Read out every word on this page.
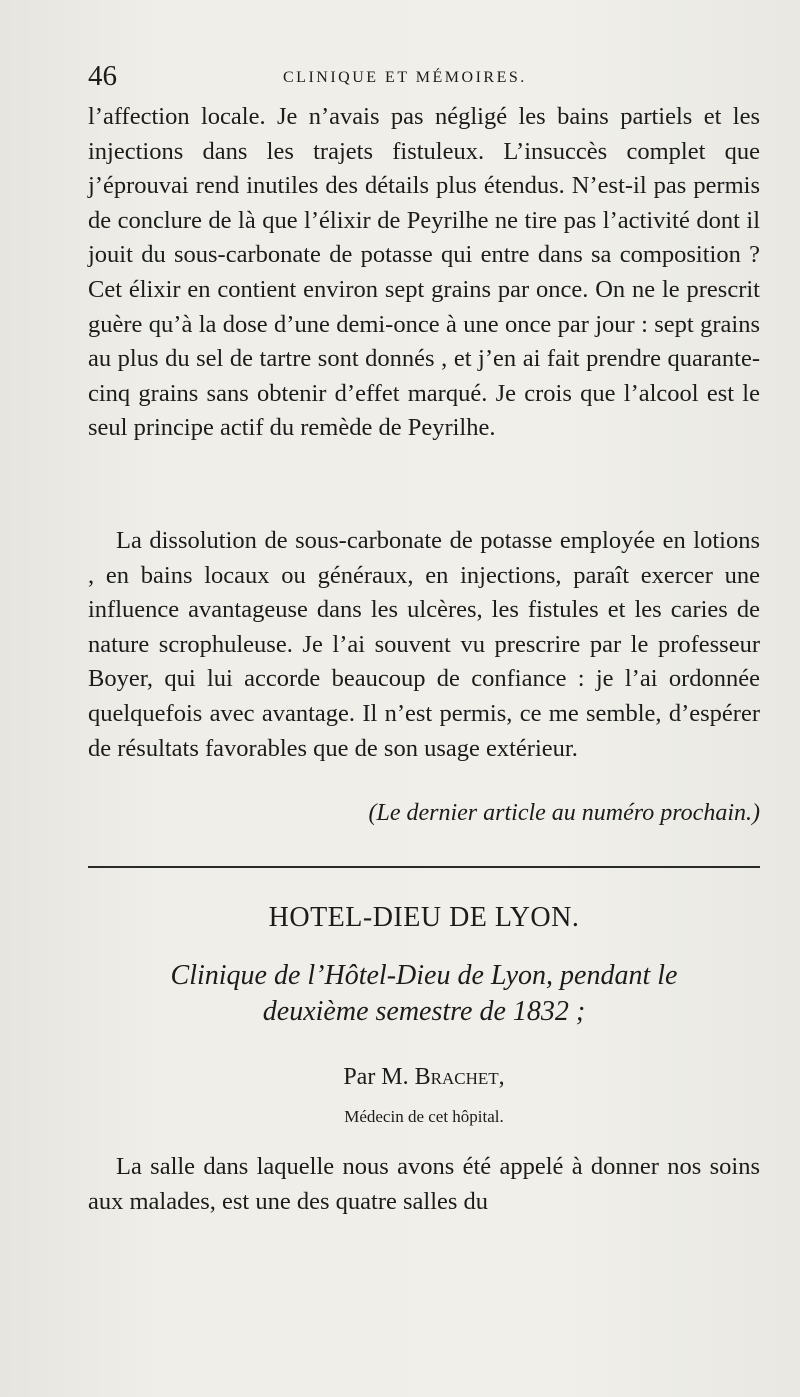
46	CLINIQUE ET MÉMOIRES.

l’affection locale. Je n’avais pas négligé les bains partiels et les injections dans les trajets fistuleux. L’insuccès complet que j’éprouvai rend inutiles des détails plus étendus. N’est-il pas permis de conclure de là que l’élixir de Peyrilhe ne tire pas l’activité dont il jouit du sous-carbonate de potasse qui entre dans sa composition ? Cet élixir en contient environ sept grains par once. On ne le prescrit guère qu’à la dose d’une demi-once à une once par jour : sept grains au plus du sel de tartre sont donnés , et j’en ai fait prendre quarante-cinq grains sans obtenir d’effet marqué. Je crois que l’alcool est le seul principe actif du remède de Peyrilhe.

La dissolution de sous-carbonate de potasse employée en lotions , en bains locaux ou généraux, en injections, paraît exercer une influence avantageuse dans les ulcères, les fistules et les caries de nature scrophuleuse. Je l’ai souvent vu prescrire par le professeur Boyer, qui lui accorde beaucoup de confiance : je l’ai ordonnée quelquefois avec avantage. Il n’est permis, ce me semble, d’espérer de résultats favorables que de son usage extérieur.

(Le dernier article au numéro prochain.)
HOTEL-DIEU DE LYON.
Clinique de l’Hôtel-Dieu de Lyon, pendant le
deuxième semestre de 1832 ;
Par M. Brachet,
Médecin de cet hôpital.

La salle dans laquelle nous avons été appelé à donner nos soins aux malades, est une des quatre salles du
